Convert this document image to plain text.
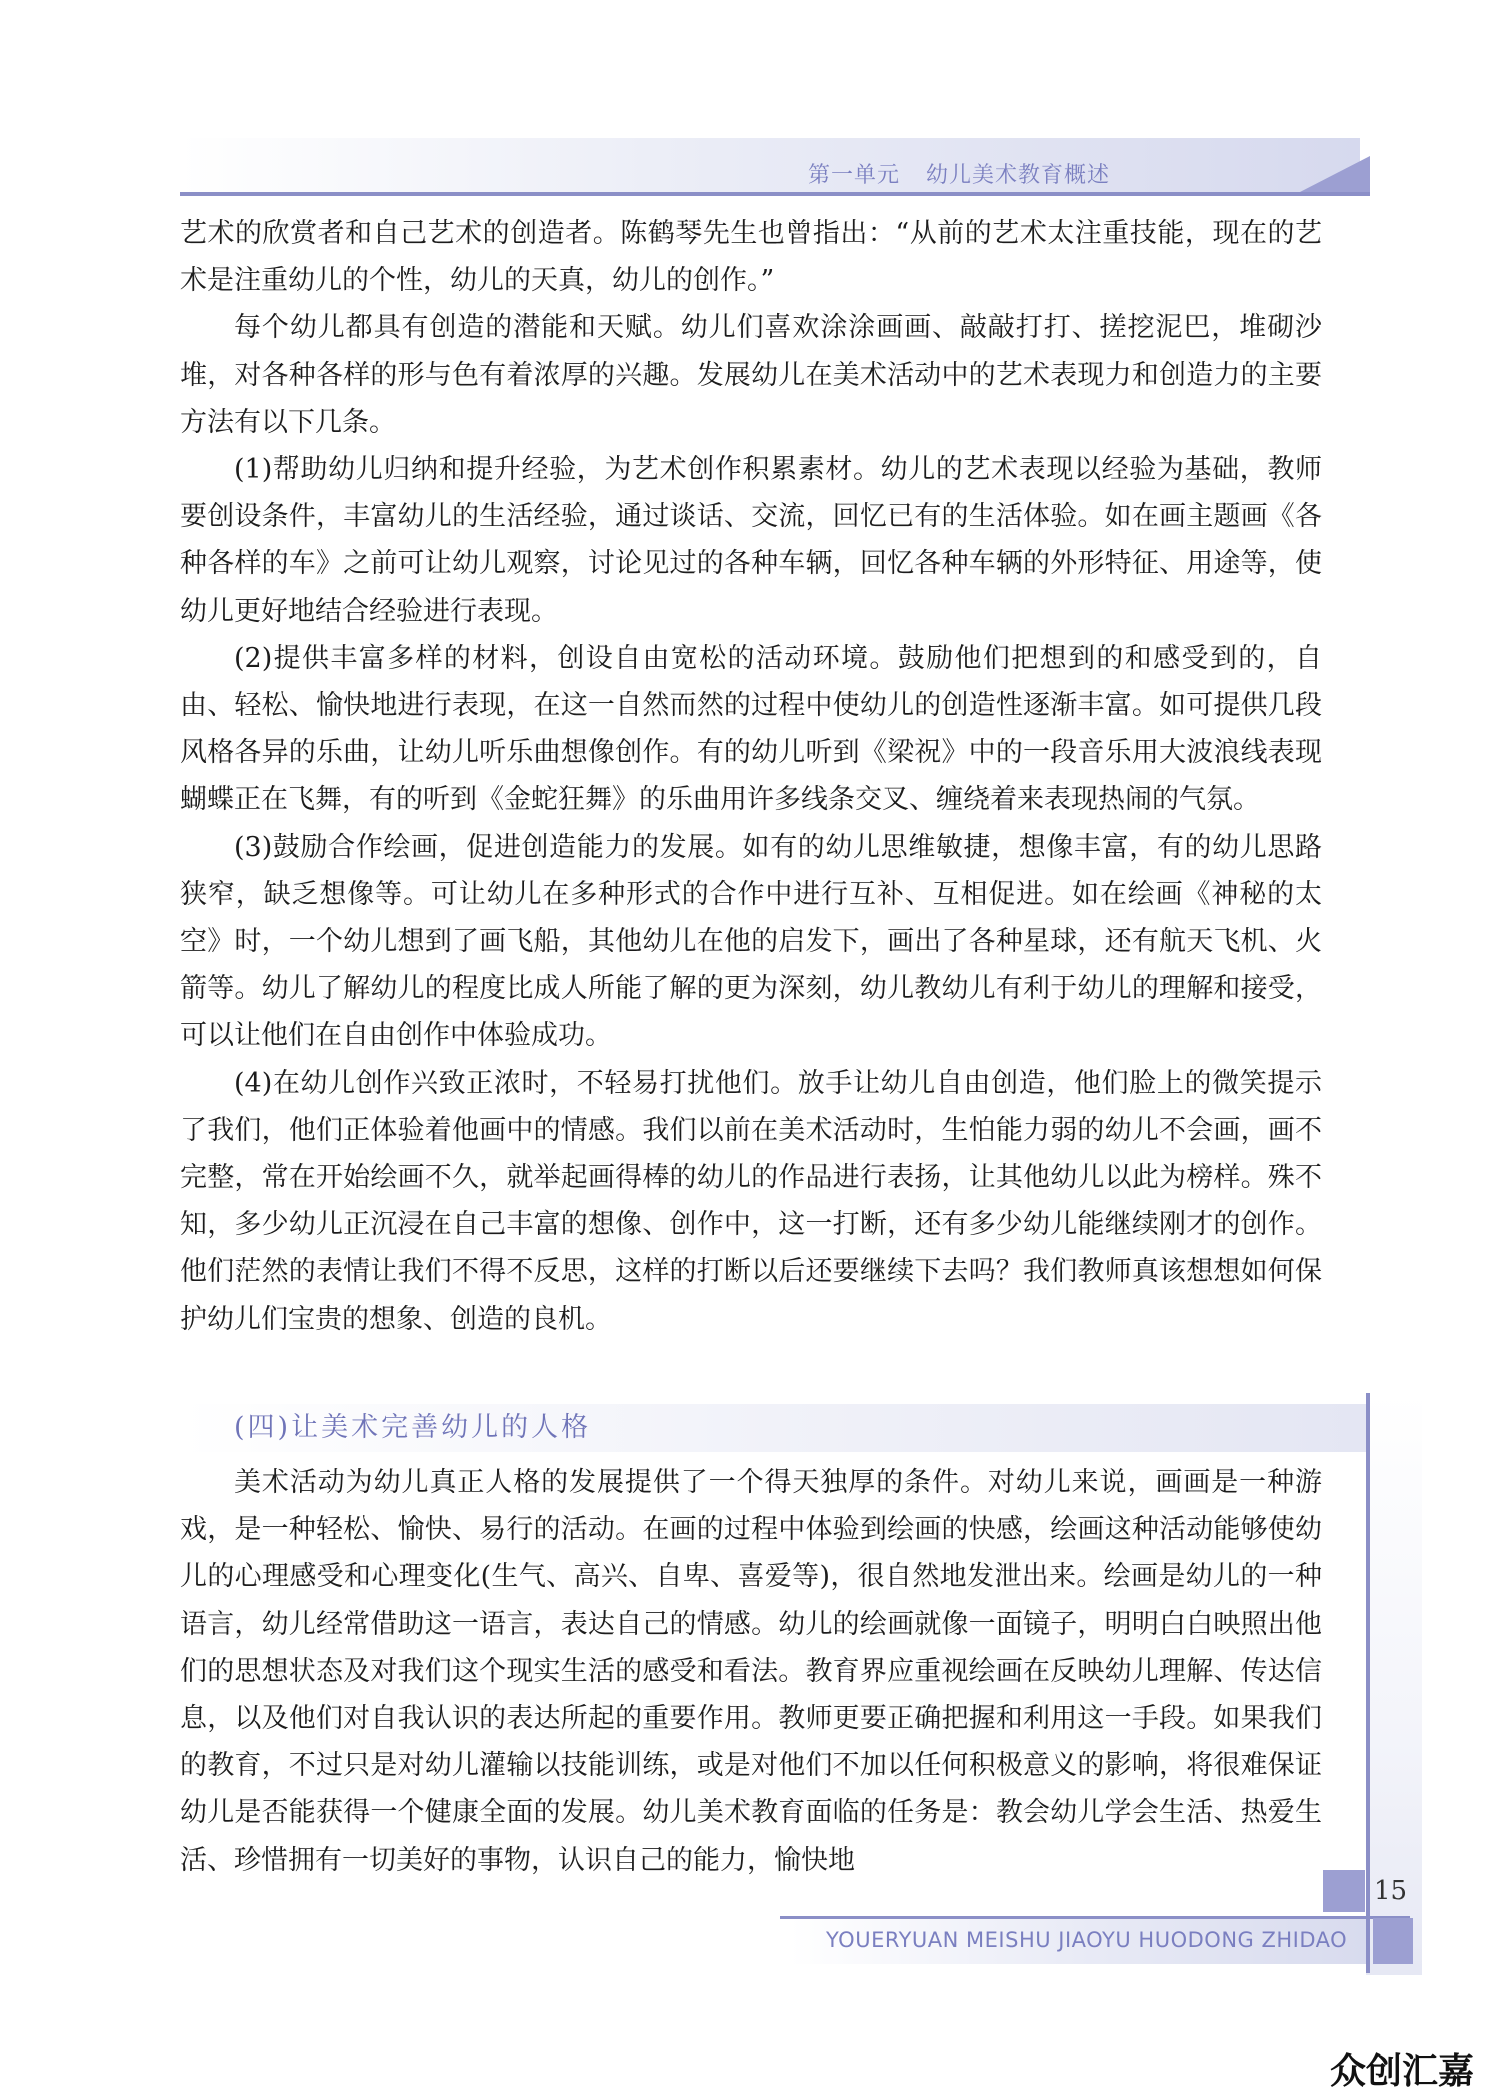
第一单元 幼儿美术教育概述

艺术的欣赏者和自己艺术的创造者。陈鹤琴先生也曾指出：“从前的艺术太注重技能，现在的艺术是注重幼儿的个性，幼儿的天真，幼儿的创作。”

每个幼儿都具有创造的潜能和天赋。幼儿们喜欢涂涂画画、敲敲打打、搓挖泥巴，堆砌沙堆，对各种各样的形与色有着浓厚的兴趣。发展幼儿在美术活动中的艺术表现力和创造力的主要方法有以下几条。

(1)帮助幼儿归纳和提升经验，为艺术创作积累素材。幼儿的艺术表现以经验为基础，教师要创设条件，丰富幼儿的生活经验，通过谈话、交流，回忆已有的生活体验。如在画主题画《各种各样的车》之前可让幼儿观察，讨论见过的各种车辆，回忆各种车辆的外形特征、用途等，使幼儿更好地结合经验进行表现。

(2)提供丰富多样的材料，创设自由宽松的活动环境。鼓励他们把想到的和感受到的，自由、轻松、愉快地进行表现，在这一自然而然的过程中使幼儿的创造性逐渐丰富。如可提供几段风格各异的乐曲，让幼儿听乐曲想像创作。有的幼儿听到《梁祝》中的一段音乐用大波浪线表现蝴蝶正在飞舞，有的听到《金蛇狂舞》的乐曲用许多线条交叉、缠绕着来表现热闹的气氛。

(3)鼓励合作绘画，促进创造能力的发展。如有的幼儿思维敏捷，想像丰富，有的幼儿思路狭窄，缺乏想像等。可让幼儿在多种形式的合作中进行互补、互相促进。如在绘画《神秘的太空》时，一个幼儿想到了画飞船，其他幼儿在他的启发下，画出了各种星球，还有航天飞机、火箭等。幼儿了解幼儿的程度比成人所能了解的更为深刻，幼儿教幼儿有利于幼儿的理解和接受，可以让他们在自由创作中体验成功。

(4)在幼儿创作兴致正浓时，不轻易打扰他们。放手让幼儿自由创造，他们脸上的微笑提示了我们，他们正体验着他画中的情感。我们以前在美术活动时，生怕能力弱的幼儿不会画，画不完整，常在开始绘画不久，就举起画得棒的幼儿的作品进行表扬，让其他幼儿以此为榜样。殊不知，多少幼儿正沉浸在自己丰富的想像、创作中，这一打断，还有多少幼儿能继续刚才的创作。他们茫然的表情让我们不得不反思，这样的打断以后还要继续下去吗？我们教师真该想想如何保护幼儿们宝贵的想象、创造的良机。

(四)让美术完善幼儿的人格

美术活动为幼儿真正人格的发展提供了一个得天独厚的条件。对幼儿来说，画画是一种游戏，是一种轻松、愉快、易行的活动。在画的过程中体验到绘画的快感，绘画这种活动能够使幼儿的心理感受和心理变化(生气、高兴、自卑、喜爱等)，很自然地发泄出来。绘画是幼儿的一种语言，幼儿经常借助这一语言，表达自己的情感。幼儿的绘画就像一面镜子，明明白白映照出他们的思想状态及对我们这个现实生活的感受和看法。教育界应重视绘画在反映幼儿理解、传达信息，以及他们对自我认识的表达所起的重要作用。教师更要正确把握和利用这一手段。如果我们的教育，不过只是对幼儿灌输以技能训练，或是对他们不加以任何积极意义的影响，将很难保证幼儿是否能获得一个健康全面的发展。幼儿美术教育面临的任务是：教会幼儿学会生活、热爱生活、珍惜拥有一切美好的事物，认识自己的能力，愉快地

15
YOUERYUAN MEISHU JIAOYU HUODONG ZHIDAO
众创汇嘉
